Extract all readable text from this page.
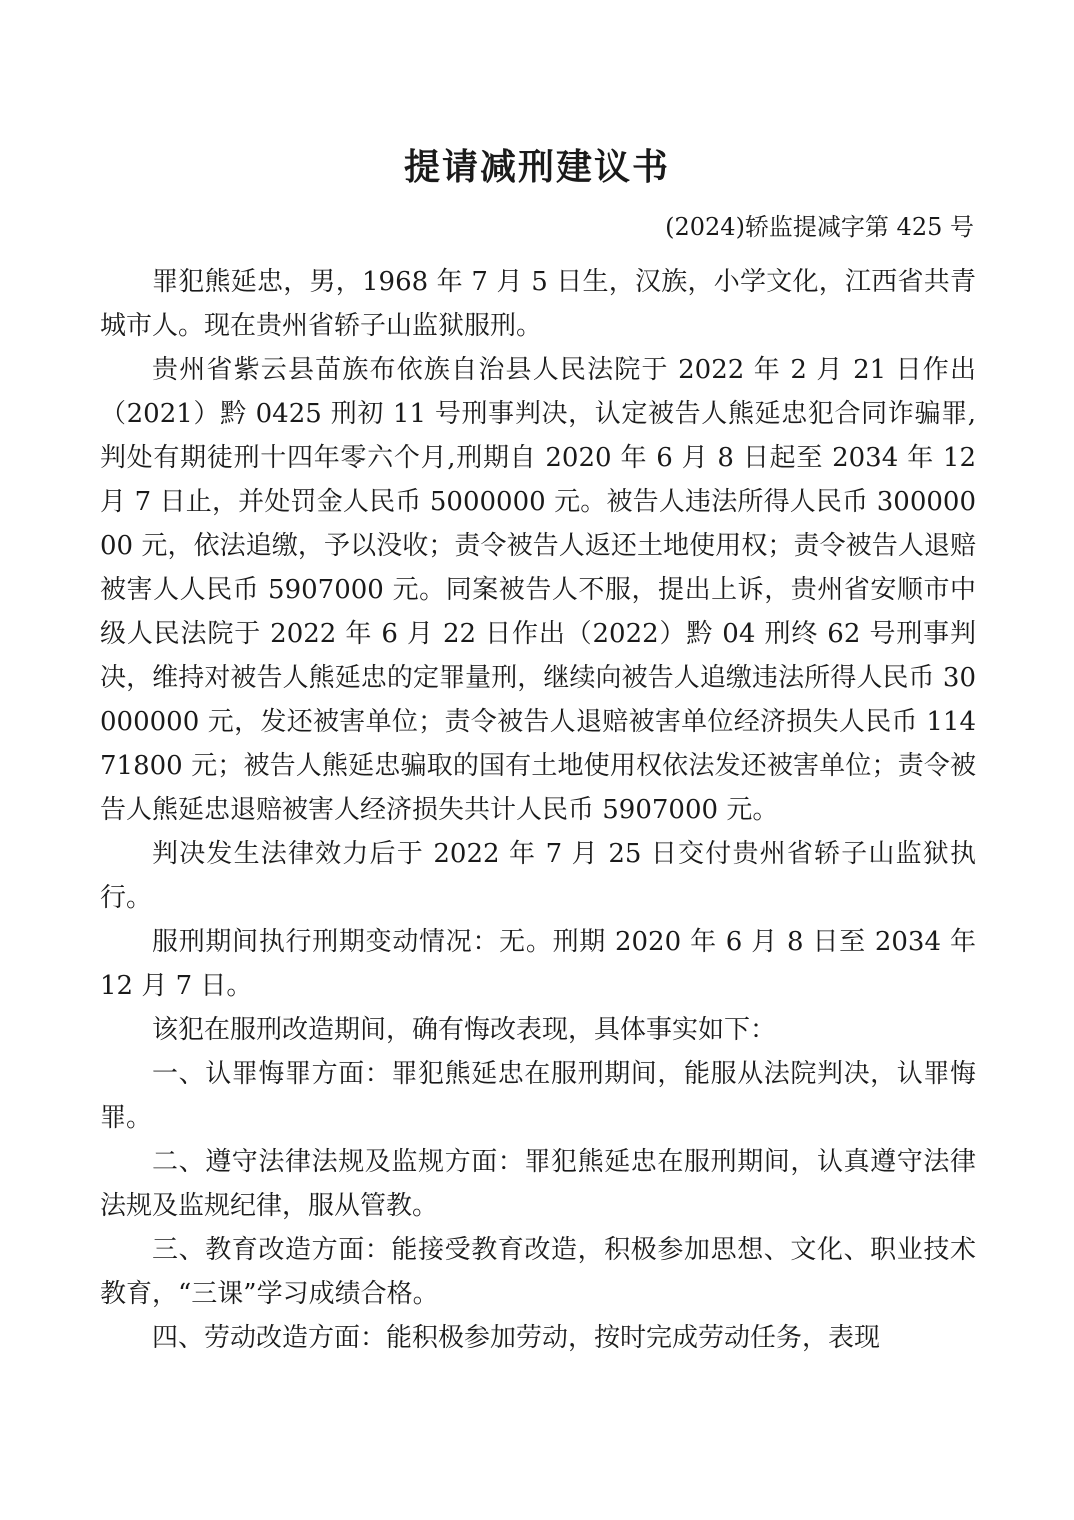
提请减刑建议书
(2024)轿监提减字第 425 号

罪犯熊延忠，男，1968 年 7 月 5 日生，汉族，小学文化，江西省共青城市人。现在贵州省轿子山监狱服刑。

贵州省紫云县苗族布依族自治县人民法院于 2022 年 2 月 21 日作出（2021）黔 0425 刑初 11 号刑事判决，认定被告人熊延忠犯合同诈骗罪,判处有期徒刑十四年零六个月,刑期自 2020 年 6 月 8 日起至 2034 年 12 月 7 日止，并处罚金人民币 5000000 元。被告人违法所得人民币 30000000 元，依法追缴，予以没收；责令被告人返还土地使用权；责令被告人退赔被害人人民币 5907000 元。同案被告人不服，提出上诉，贵州省安顺市中级人民法院于 2022 年 6 月 22 日作出（2022）黔 04 刑终 62 号刑事判决，维持对被告人熊延忠的定罪量刑，继续向被告人追缴违法所得人民币 30000000 元，发还被害单位；责令被告人退赔被害单位经济损失人民币 11471800 元；被告人熊延忠骗取的国有土地使用权依法发还被害单位；责令被告人熊延忠退赔被害人经济损失共计人民币 5907000 元。

判决发生法律效力后于 2022 年 7 月 25 日交付贵州省轿子山监狱执行。

服刑期间执行刑期变动情况：无。刑期 2020 年 6 月 8 日至 2034 年 12 月 7 日。

该犯在服刑改造期间，确有悔改表现，具体事实如下：

一、认罪悔罪方面：罪犯熊延忠在服刑期间，能服从法院判决，认罪悔罪。

二、遵守法律法规及监规方面：罪犯熊延忠在服刑期间，认真遵守法律法规及监规纪律，服从管教。

三、教育改造方面：能接受教育改造，积极参加思想、文化、职业技术教育，“三课”学习成绩合格。

四、劳动改造方面：能积极参加劳动，按时完成劳动任务，表现
